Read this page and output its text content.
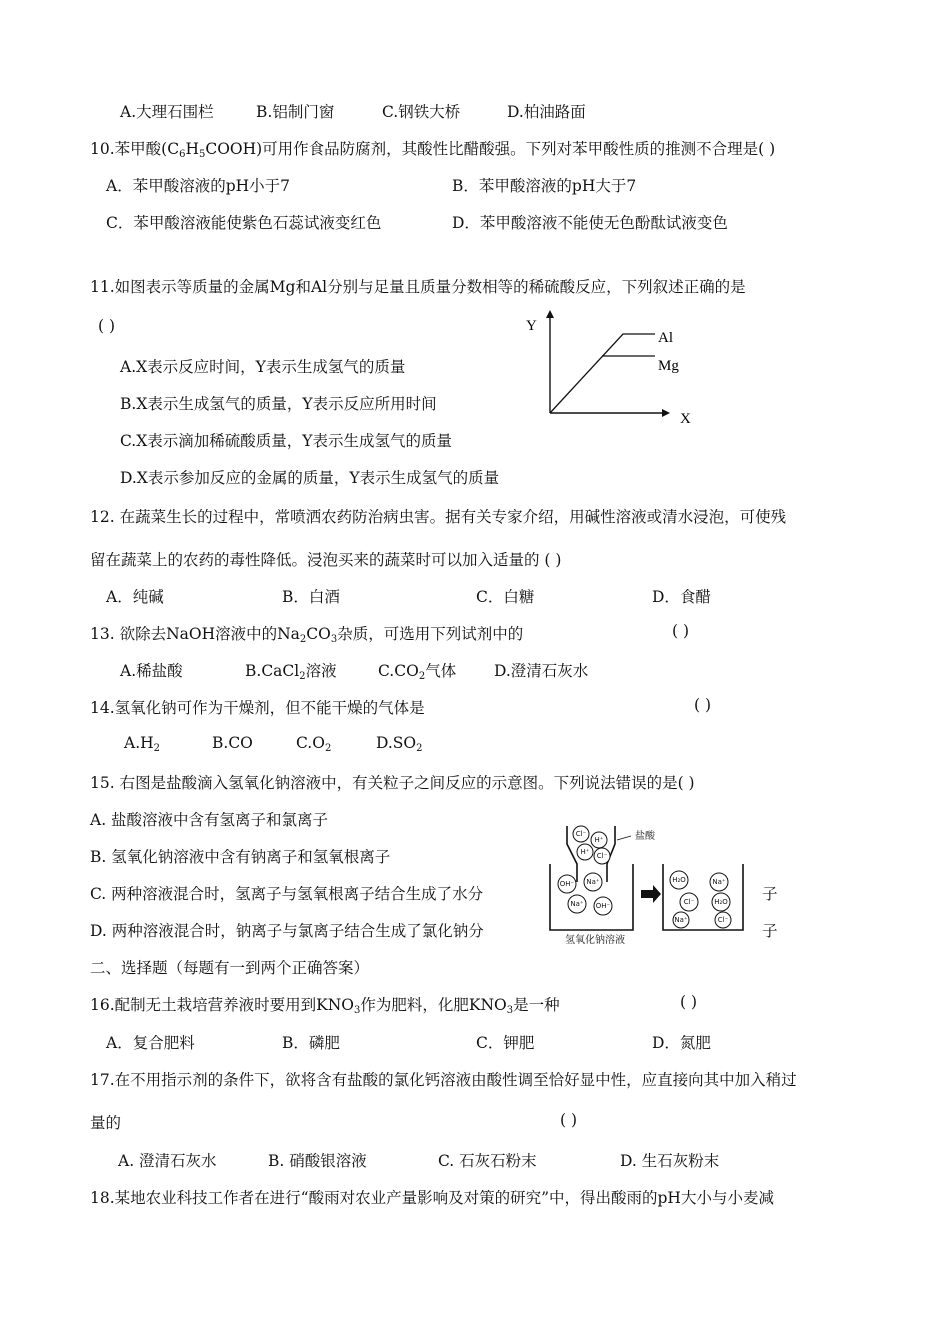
A.大理石围栏	B.铝制门窗	C.钢铁大桥	D.柏油路面
10.苯甲酸$(C_6H_5COOH)$可用作食品防腐剂，其酸性比醋酸强。下列对苯甲酸性质的推测不合理是( )
A．苯甲酸溶液的pH小于7	B．苯甲酸溶液的pH大于7
C．苯甲酸溶液能使紫色石蕊试液变红色	D．苯甲酸溶液不能使无色酚酞试液变色
11.如图表示等质量的金属Mg和Al分别与足量且质量分数相等的稀硫酸反应，下列叙述正确的是
( )
A.X表示反应时间，Y表示生成氢气的质量
B.X表示生成氢气的质量，Y表示反应所用时间
C.X表示滴加稀硫酸质量，Y表示生成氢气的质量
D.X表示参加反应的金属的质量，Y表示生成氢气的质量
Y
X
Al
Mg
12. 在蔬菜生长的过程中，常喷洒农药防治病虫害。据有关专家介绍，用碱性溶液或清水浸泡，可使残
留在蔬菜上的农药的毒性降低。浸泡买来的蔬菜时可以加入适量的 ( )
A．纯碱	B．白酒	C．白糖	D．食醋
13. 欲除去NaOH溶液中的$Na_2CO_3$杂质，可选用下列试剂中的	( )
A.稀盐酸	B.CaCl$_2$溶液	$C.CO_2$气体 D.澄清石灰水
14.氢氧化钠可作为干燥剂，但不能干燥的气体是	( )
$A.H_2$	B.CO	$C.O_2$	$D.SO_2$
15. 右图是盐酸滴入氢氧化钠溶液中，有关粒子之间反应的示意图。下列说法错误的是( )
A. 盐酸溶液中含有氢离子和氯离子
B. 氢氧化钠溶液中含有钠离子和氢氧根离子
C. 两种溶液混合时，氢离子与氢氧根离子结合生成了水分	子
D. 两种溶液混合时，钠离子与氯离子结合生成了氯化钠分	子
Cl⁻
H⁺
H⁺ Cl⁻
盐酸
OH⁻ Na⁺
Na⁺ OH⁻
氢氧化钠溶液
H₂O	Na⁺
Cl⁻	H₂O
Na⁺	Cl⁻
二、选择题（每题有一到两个正确答案）
16.配制无土栽培营养液时要用到$KNO_3$作为肥料，化肥$KNO_3$是一种	( )
A．复合肥料	B．磷肥	C．钾肥	D．氮肥
17.在不用指示剂的条件下，欲将含有盐酸的氯化钙溶液由酸性调至恰好显中性，应直接向其中加入稍过
量的	( )
A. 澄清石灰水	B. 硝酸银溶液	C. 石灰石粉末	D. 生石灰粉末
18.某地农业科技工作者在进行“酸雨对农业产量影响及对策的研究”中，得出酸雨的pH大小与小麦减
